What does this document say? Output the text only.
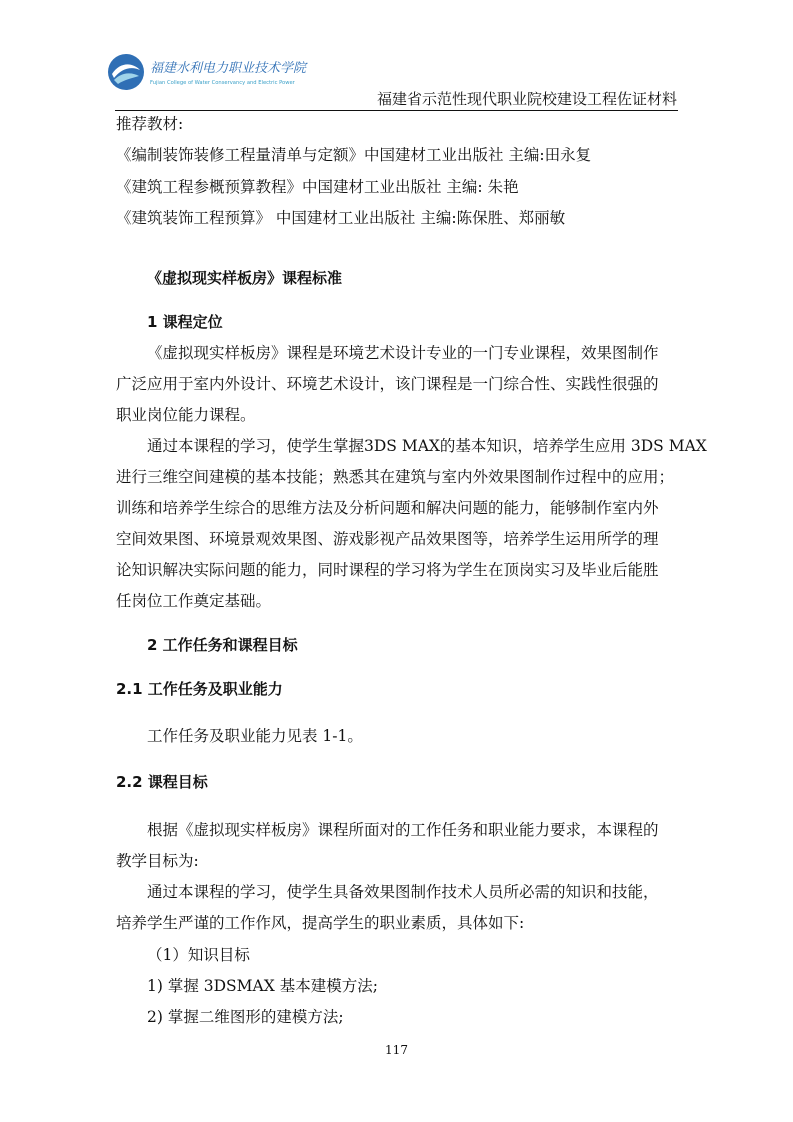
福建水利电力职业技术学院
Fujian College of Water Conservancy and Electric Power
福建省示范性现代职业院校建设工程佐证材料
推荐教材:
《编制装饰装修工程量清单与定额》中国建材工业出版社 主编:田永复
《建筑工程参概预算教程》中国建材工业出版社 主编: 朱艳
《建筑装饰工程预算》 中国建材工业出版社 主编:陈保胜、郑丽敏
《虚拟现实样板房》课程标准
1 课程定位
《虚拟现实样板房》课程是环境艺术设计专业的一门专业课程，效果图制作
广泛应用于室内外设计、环境艺术设计，该门课程是一门综合性、实践性很强的
职业岗位能力课程。
通过本课程的学习，使学生掌握3DS MAX的基本知识，培养学生应用 3DS MAX
进行三维空间建模的基本技能；熟悉其在建筑与室内外效果图制作过程中的应用；
训练和培养学生综合的思维方法及分析问题和解决问题的能力，能够制作室内外
空间效果图、环境景观效果图、游戏影视产品效果图等，培养学生运用所学的理
论知识解决实际问题的能力，同时课程的学习将为学生在顶岗实习及毕业后能胜
任岗位工作奠定基础。
2 工作任务和课程目标
2.1 工作任务及职业能力
工作任务及职业能力见表 1-1。
2.2 课程目标
根据《虚拟现实样板房》课程所面对的工作任务和职业能力要求，本课程的
教学目标为:
通过本课程的学习，使学生具备效果图制作技术人员所必需的知识和技能，
培养学生严谨的工作作风，提高学生的职业素质，具体如下:
（1）知识目标
1) 掌握 3DSMAX 基本建模方法;
2) 掌握二维图形的建模方法;
117
